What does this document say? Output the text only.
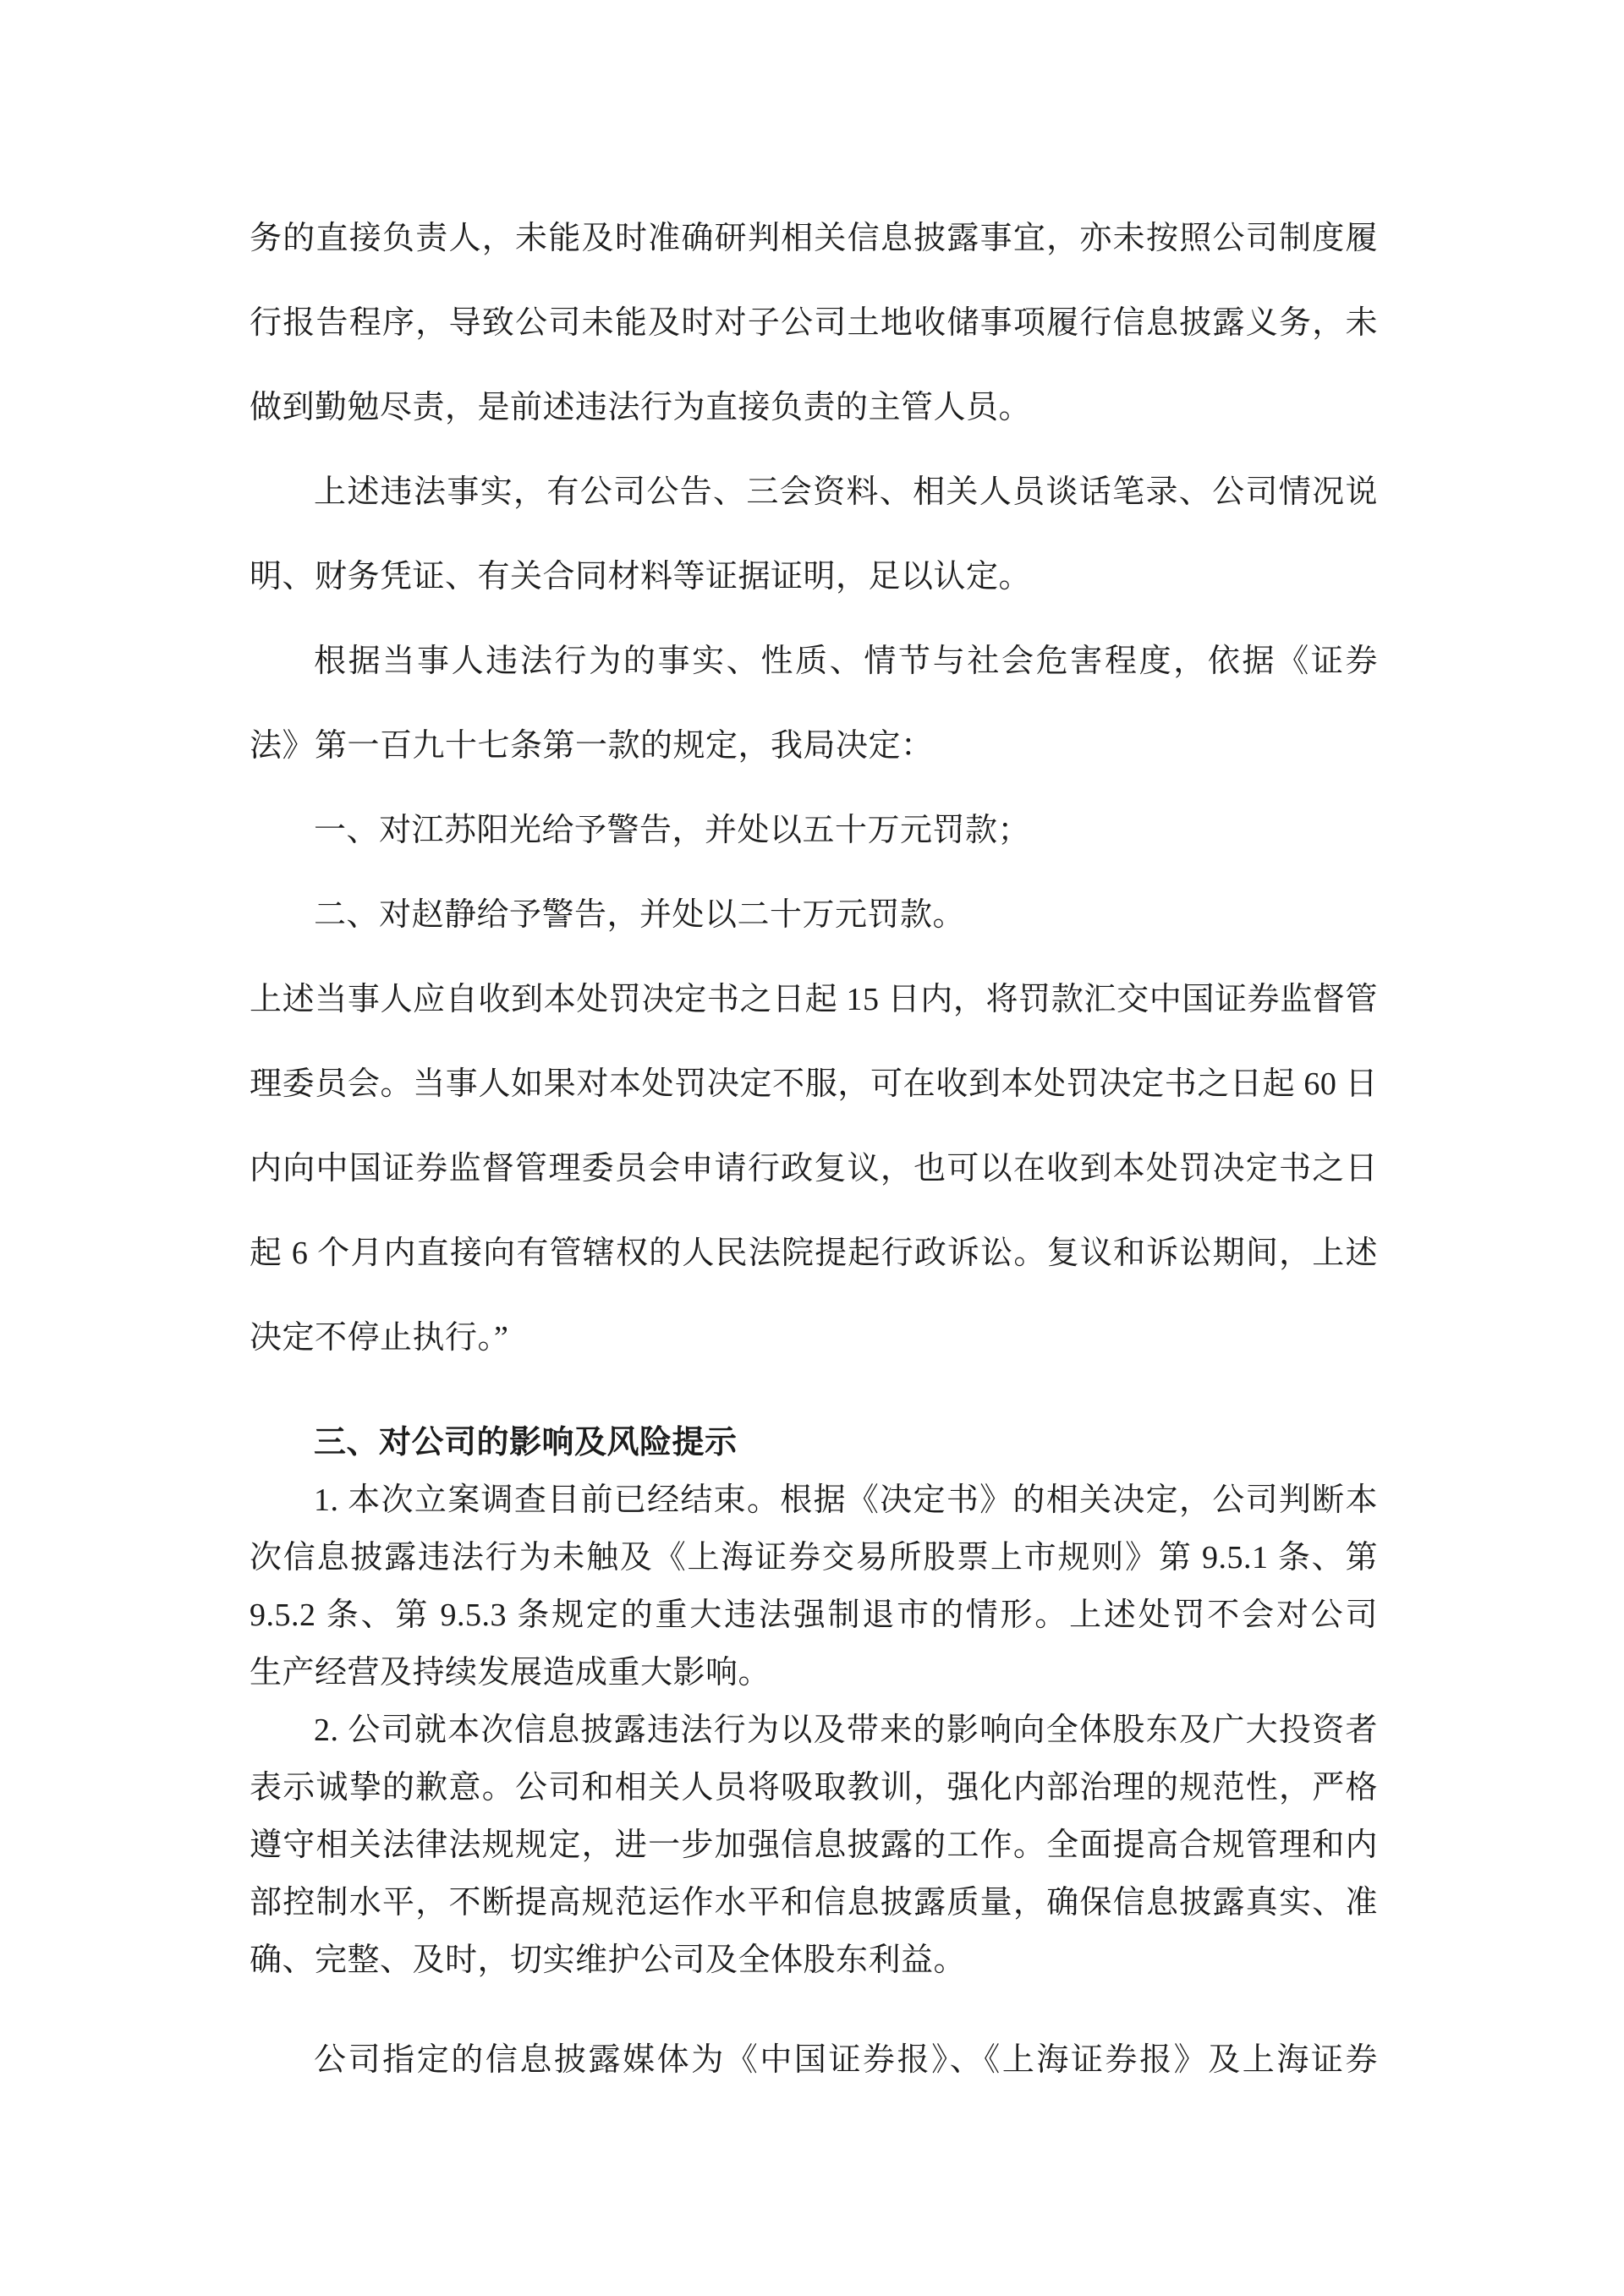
务的直接负责人，未能及时准确研判相关信息披露事宜，亦未按照公司制度履
行报告程序，导致公司未能及时对子公司土地收储事项履行信息披露义务，未
做到勤勉尽责，是前述违法行为直接负责的主管人员。
上述违法事实，有公司公告、三会资料、相关人员谈话笔录、公司情况说
明、财务凭证、有关合同材料等证据证明，足以认定。
根据当事人违法行为的事实、性质、情节与社会危害程度，依据《证券
法》第一百九十七条第一款的规定，我局决定：
一、对江苏阳光给予警告，并处以五十万元罚款；
二、对赵静给予警告，并处以二十万元罚款。
上述当事人应自收到本处罚决定书之日起 15 日内，将罚款汇交中国证券监督管
理委员会。当事人如果对本处罚决定不服，可在收到本处罚决定书之日起 60 日
内向中国证券监督管理委员会申请行政复议，也可以在收到本处罚决定书之日
起 6 个月内直接向有管辖权的人民法院提起行政诉讼。复议和诉讼期间，上述
决定不停止执行。”
三、对公司的影响及风险提示
1. 本次立案调查目前已经结束。根据《决定书》的相关决定，公司判断本
次信息披露违法行为未触及《上海证券交易所股票上市规则》第 9.5.1 条、第
9.5.2 条、第 9.5.3 条规定的重大违法强制退市的情形。上述处罚不会对公司
生产经营及持续发展造成重大影响。
2. 公司就本次信息披露违法行为以及带来的影响向全体股东及广大投资者
表示诚挚的歉意。公司和相关人员将吸取教训，强化内部治理的规范性，严格
遵守相关法律法规规定，进一步加强信息披露的工作。全面提高合规管理和内
部控制水平，不断提高规范运作水平和信息披露质量，确保信息披露真实、准
确、完整、及时，切实维护公司及全体股东利益。
公司指定的信息披露媒体为《中国证券报》、《上海证券报》及上海证券
